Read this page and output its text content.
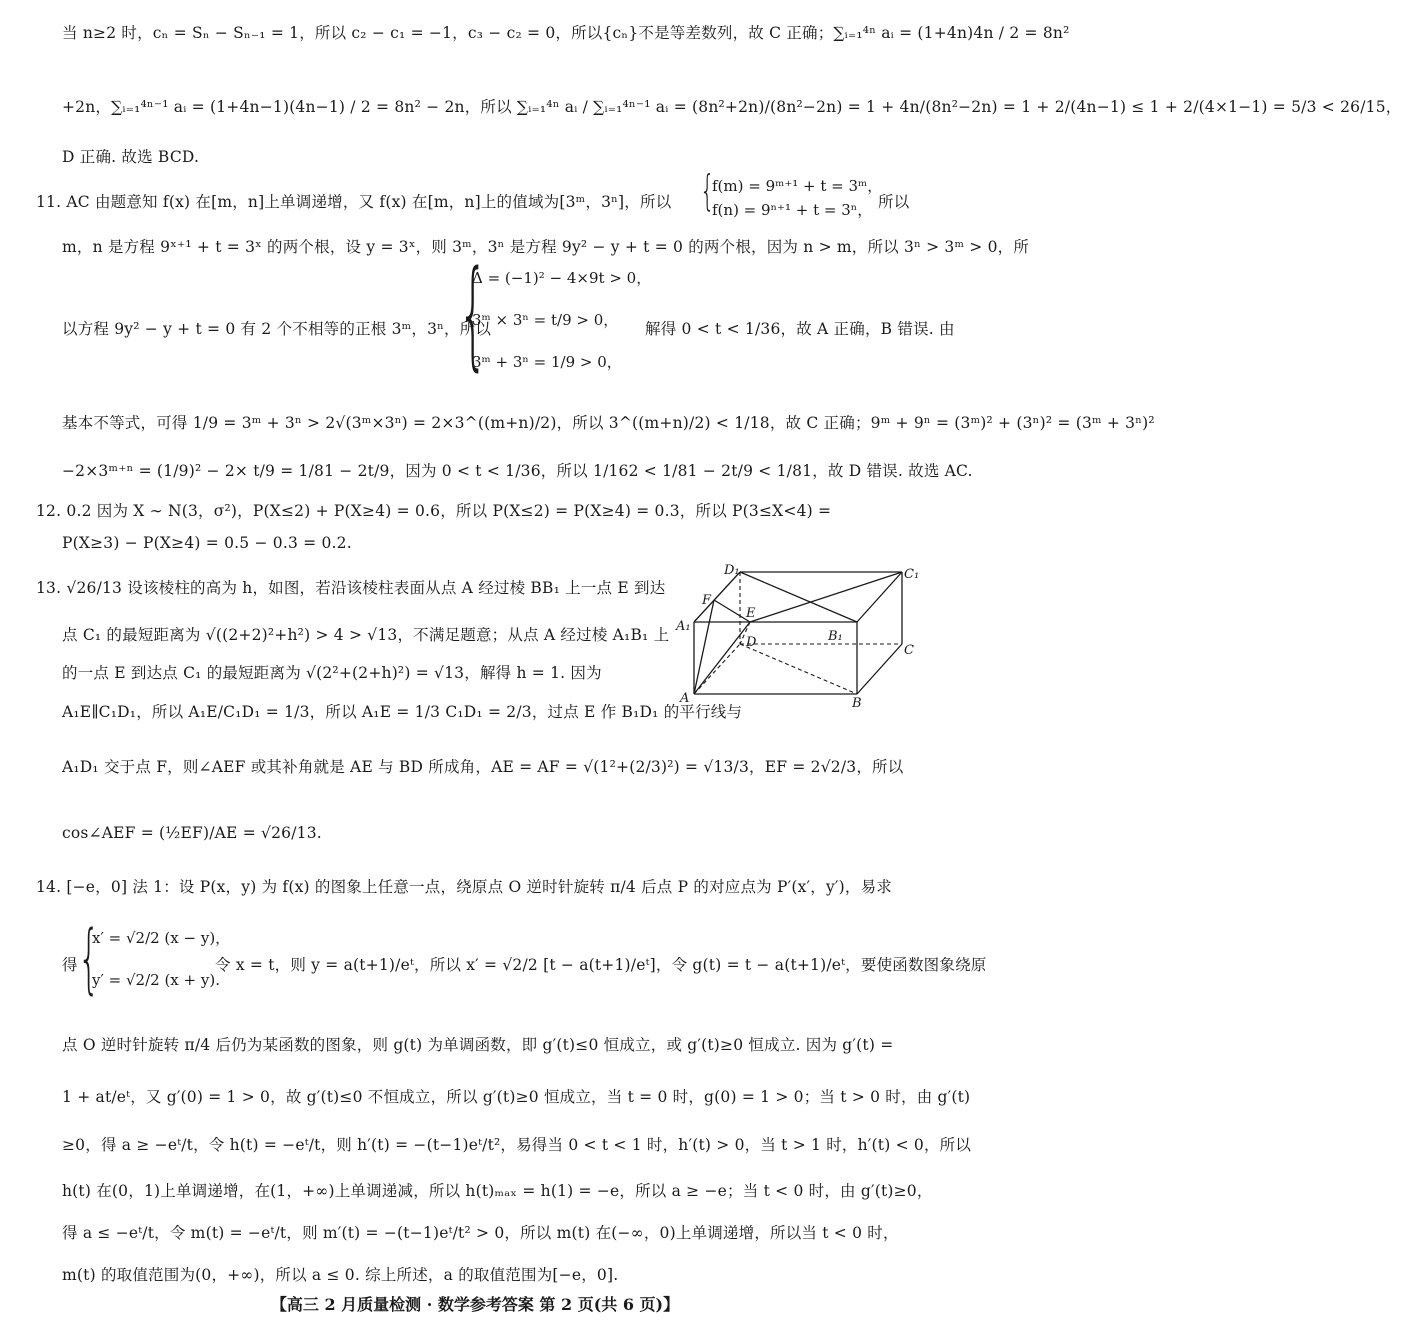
当 n≥2 时，cₙ = Sₙ − Sₙ₋₁ = 1，所以 c₂ − c₁ = −1，c₃ − c₂ = 0，所以{cₙ}不是等差数列，故 C 正确；∑ᵢ₌₁⁴ⁿ aᵢ = (1+4n)4n / 2 = 8n²
+2n，∑ᵢ₌₁⁴ⁿ⁻¹ aᵢ = (1+4n−1)(4n−1) / 2 = 8n² − 2n，所以 ∑ᵢ₌₁⁴ⁿ aᵢ / ∑ᵢ₌₁⁴ⁿ⁻¹ aᵢ = (8n²+2n)/(8n²−2n) = 1 + 4n/(8n²−2n) = 1 + 2/(4n−1) ≤ 1 + 2/(4×1−1) = 5/3 < 26/15，
D 正确. 故选 BCD.
11. AC 由题意知 f(x) 在[m，n]上单调递增，又 f(x) 在[m，n]上的值域为[3ᵐ，3ⁿ]，所以 {
f(m) = 9ᵐ⁺¹ + t = 3ᵐ，
f(n) = 9ⁿ⁺¹ + t = 3ⁿ， 所以
m，n 是方程 9ˣ⁺¹ + t = 3ˣ 的两个根，设 y = 3ˣ，则 3ᵐ，3ⁿ 是方程 9y² − y + t = 0 的两个根，因为 n > m，所以 3ⁿ > 3ᵐ > 0，所
以方程 9y² − y + t = 0 有 2 个不相等的正根 3ᵐ，3ⁿ，所以
{
Δ = (−1)² − 4×9t > 0，
3ᵐ × 3ⁿ = t/9 > 0，
3ᵐ + 3ⁿ = 1/9 > 0，
解得 0 < t < 1/36，故 A 正确，B 错误. 由
基本不等式，可得 1/9 = 3ᵐ + 3ⁿ > 2√(3ᵐ×3ⁿ) = 2×3^((m+n)/2)，所以 3^((m+n)/2) < 1/18，故 C 正确；9ᵐ + 9ⁿ = (3ᵐ)² + (3ⁿ)² = (3ᵐ + 3ⁿ)²
−2×3ᵐ⁺ⁿ = (1/9)² − 2× t/9 = 1/81 − 2t/9，因为 0 < t < 1/36，所以 1/162 < 1/81 − 2t/9 < 1/81，故 D 错误. 故选 AC.
12. 0.2 因为 X ∼ N(3，σ²)，P(X≤2) + P(X≥4) = 0.6，所以 P(X≤2) = P(X≥4) = 0.3，所以 P(3≤X<4) =
P(X≥3) − P(X≥4) = 0.5 − 0.3 = 0.2.
13. √26/13 设该棱柱的高为 h，如图，若沿该棱柱表面从点 A 经过棱 BB₁ 上一点 E 到达
点 C₁ 的最短距离为 √((2+2)²+h²) > 4 > √13，不满足题意；从点 A 经过棱 A₁B₁ 上
的一点 E 到达点 C₁ 的最短距离为 √(2²+(2+h)²) = √13，解得 h = 1. 因为
A₁E∥C₁D₁，所以 A₁E/C₁D₁ = 1/3，所以 A₁E = 1/3 C₁D₁ = 2/3，过点 E 作 B₁D₁ 的平行线与
A₁D₁ 交于点 F，则∠AEF 或其补角就是 AE 与 BD 所成角，AE = AF = √(1²+(2/3)²) = √13/3，EF = 2√2/3，所以
cos∠AEF = (½EF)/AE = √26/13.
D₁	C₁
F
E
A₁
D	B₁
C
A	B
14. [−e，0] 法 1：设 P(x，y) 为 f(x) 的图象上任意一点，绕原点 O 逆时针旋转 π/4 后点 P 的对应点为 P′(x′，y′)，易求
得 {
x′ = √2/2 (x − y)，
y′ = √2/2 (x + y).
令 x = t，则 y = a(t+1)/eᵗ，所以 x′ = √2/2 [t − a(t+1)/eᵗ]，令 g(t) = t − a(t+1)/eᵗ，要使函数图象绕原
点 O 逆时针旋转 π/4 后仍为某函数的图象，则 g(t) 为单调函数，即 g′(t)≤0 恒成立，或 g′(t)≥0 恒成立. 因为 g′(t) =
1 + at/eᵗ，又 g′(0) = 1 > 0，故 g′(t)≤0 不恒成立，所以 g′(t)≥0 恒成立，当 t = 0 时，g(0) = 1 > 0；当 t > 0 时，由 g′(t)
≥0，得 a ≥ −eᵗ/t，令 h(t) = −eᵗ/t，则 h′(t) = −(t−1)eᵗ/t²，易得当 0 < t < 1 时，h′(t) > 0，当 t > 1 时，h′(t) < 0，所以
h(t) 在(0，1)上单调递增，在(1，+∞)上单调递减，所以 h(t)ₘₐₓ = h(1) = −e，所以 a ≥ −e；当 t < 0 时，由 g′(t)≥0，
得 a ≤ −eᵗ/t，令 m(t) = −eᵗ/t，则 m′(t) = −(t−1)eᵗ/t² > 0，所以 m(t) 在(−∞，0)上单调递增，所以当 t < 0 时，
m(t) 的取值范围为(0，+∞)，所以 a ≤ 0. 综上所述，a 的取值范围为[−e，0].
【高三 2 月质量检测 · 数学参考答案 第 2 页(共 6 页)】
